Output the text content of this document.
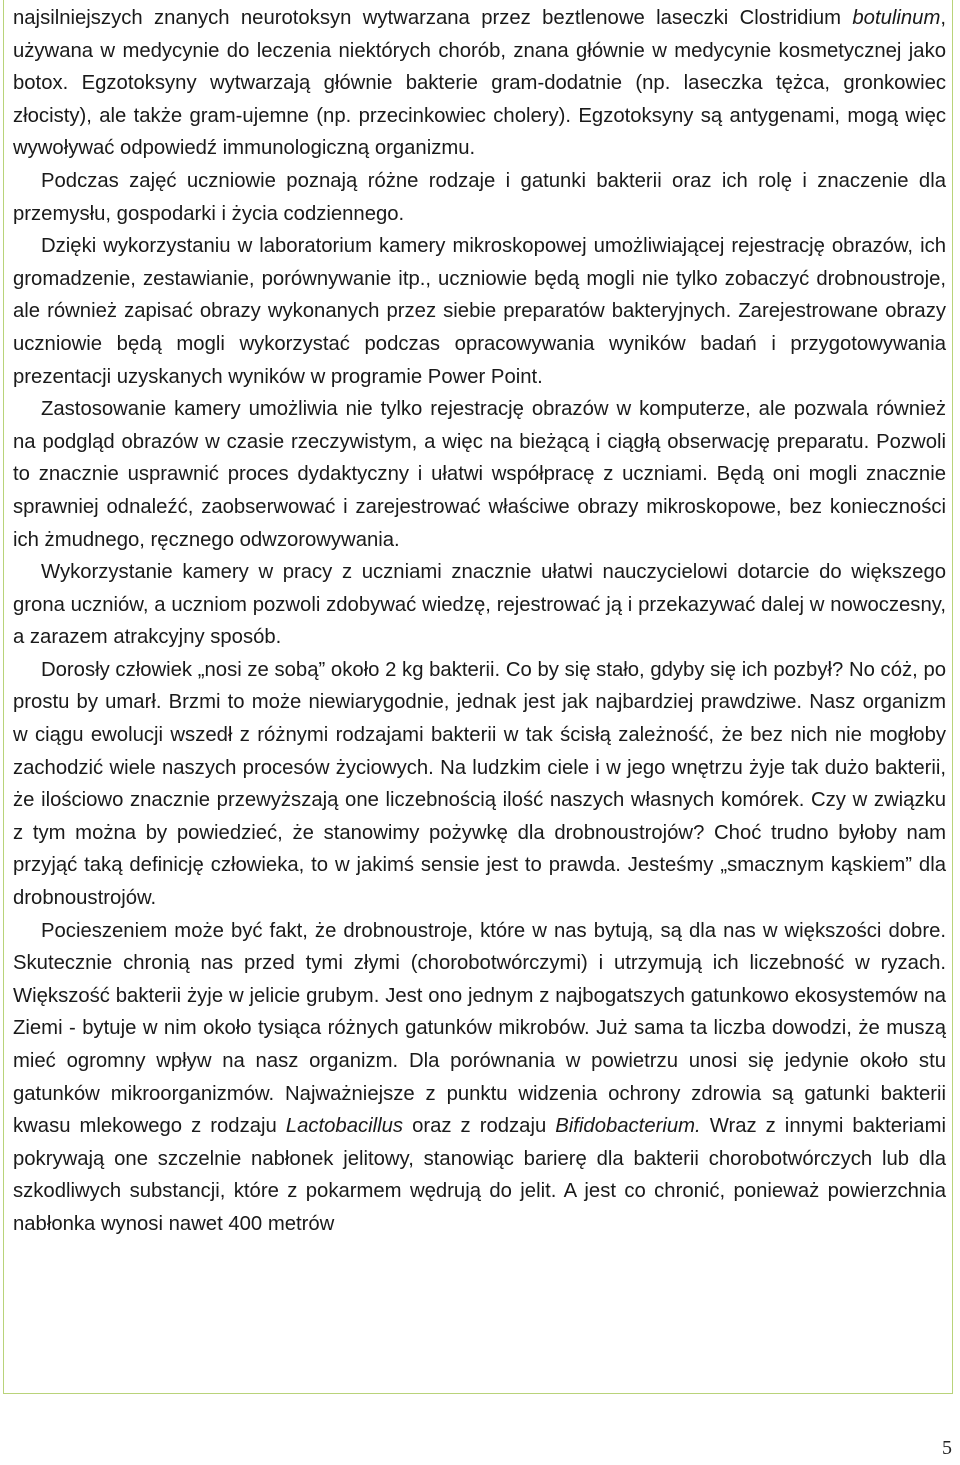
najsilniejszych znanych neurotoksyn wytwarzana przez beztlenowe laseczki Clostridium botulinum, używana w medycynie do leczenia niektórych chorób, znana głównie w medycynie kosmetycznej jako botox. Egzotoksyny wytwarzają głównie bakterie gram-dodatnie (np. laseczka tężca, gronkowiec złocisty), ale także gram-ujemne (np. przecinkowiec cholery). Egzotoksyny są antygenami, mogą więc wywoływać odpowiedź immunologiczną organizmu.

Podczas zajęć uczniowie poznają różne rodzaje i gatunki bakterii oraz ich rolę i znaczenie dla przemysłu, gospodarki i życia codziennego.

Dzięki wykorzystaniu w laboratorium kamery mikroskopowej umożliwiającej rejestrację obrazów, ich gromadzenie, zestawianie, porównywanie itp., uczniowie będą mogli nie tylko zobaczyć drobnoustroje, ale również zapisać obrazy wykonanych przez siebie preparatów bakteryjnych. Zarejestrowane obrazy uczniowie będą mogli wykorzystać podczas opracowywania wyników badań i przygotowywania prezentacji uzyskanych wyników w programie Power Point.

Zastosowanie kamery umożliwia nie tylko rejestrację obrazów w komputerze, ale pozwala również na podgląd obrazów w czasie rzeczywistym, a więc na bieżącą i ciągłą obserwację preparatu. Pozwoli to znacznie usprawnić proces dydaktyczny i ułatwi współpracę z uczniami. Będą oni mogli znacznie sprawniej odnaleźć, zaobserwować i zarejestrować właściwe obrazy mikroskopowe, bez konieczności ich żmudnego, ręcznego odwzorowywania.

Wykorzystanie kamery w pracy z uczniami znacznie ułatwi nauczycielowi dotarcie do większego grona uczniów, a uczniom pozwoli zdobywać wiedzę, rejestrować ją i przekazywać dalej w nowoczesny, a zarazem atrakcyjny sposób.

Dorosły człowiek „nosi ze sobą” około 2 kg bakterii. Co by się stało, gdyby się ich pozbył? No cóż, po prostu by umarł. Brzmi to może niewiarygodnie, jednak jest jak najbardziej prawdziwe. Nasz organizm w ciągu ewolucji wszedł z różnymi rodzajami bakterii w tak ścisłą zależność, że bez nich nie mogłoby zachodzić wiele naszych procesów życiowych. Na ludzkim ciele i w jego wnętrzu żyje tak dużo bakterii, że ilościowo znacznie przewyższają one liczebnością ilość naszych własnych komórek. Czy w związku z tym można by powiedzieć, że stanowimy pożywkę dla drobnoustrojów? Choć trudno byłoby nam przyjąć taką definicję człowieka, to w jakimś sensie jest to prawda. Jesteśmy „smacznym kąskiem” dla drobnoustrojów.

Pocieszeniem może być fakt, że drobnoustroje, które w nas bytują, są dla nas w większości dobre. Skutecznie chronią nas przed tymi złymi (chorobotwórczymi) i utrzymują ich liczebność w ryzach. Większość bakterii żyje w jelicie grubym. Jest ono jednym z najbogatszych gatunkowo ekosystemów na Ziemi - bytuje w nim około tysiąca różnych gatunków mikrobów. Już sama ta liczba dowodzi, że muszą mieć ogromny wpływ na nasz organizm. Dla porównania w powietrzu unosi się jedynie około stu gatunków mikroorganizmów. Najważniejsze z punktu widzenia ochrony zdrowia są gatunki bakterii kwasu mlekowego z rodzaju Lactobacillus oraz z rodzaju Bifidobacterium. Wraz z innymi bakteriami pokrywają one szczelnie nabłonek jelitowy, stanowiąc barierę dla bakterii chorobotwórczych lub dla szkodliwych substancji, które z pokarmem wędrują do jelit. A jest co chronić, ponieważ powierzchnia nabłonka wynosi nawet 400 metrów

5
